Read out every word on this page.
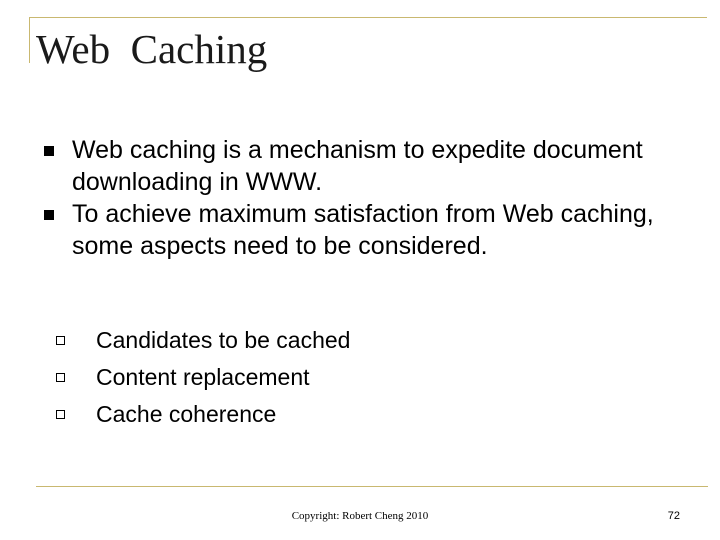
Web  Caching
Web caching is a mechanism to expedite document downloading in WWW.
To achieve maximum satisfaction from Web caching, some aspects need to be considered.
Candidates to be cached
Content replacement
Cache coherence
Copyright: Robert Cheng 2010	72
